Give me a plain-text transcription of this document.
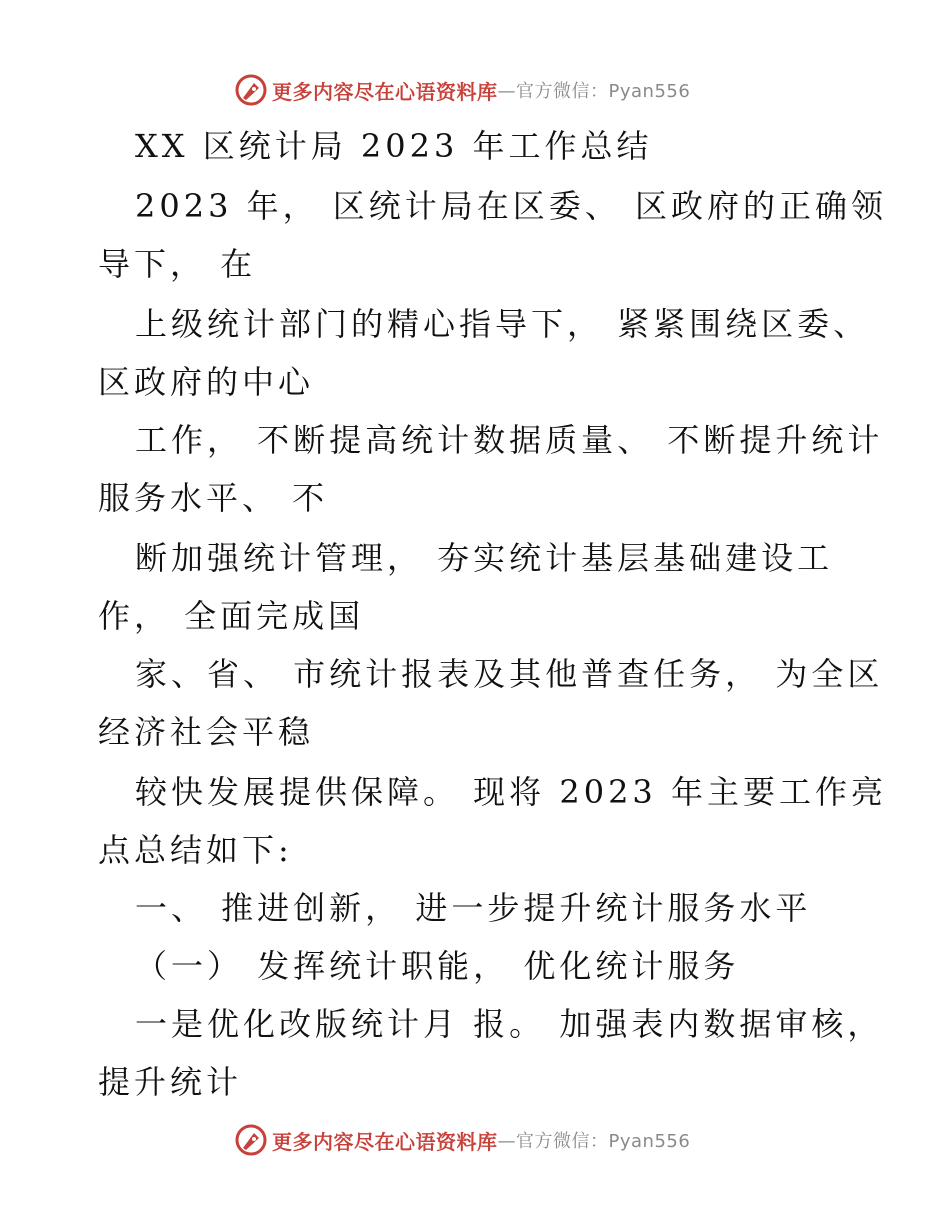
更多内容尽在心语资料库 —官方微信：Pyan556
XX 区统计局 2023 年工作总结
2023 年， 区统计局在区委、 区政府的正确领
导下， 在
上级统计部门的精心指导下， 紧紧围绕区委、
区政府的中心
工作， 不断提高统计数据质量、 不断提升统计
服务水平、 不
断加强统计管理， 夯实统计基层基础建设工
作， 全面完成国
家、省、 市统计报表及其他普查任务， 为全区
经济社会平稳
较快发展提供保障。 现将 2023 年主要工作亮
点总结如下:
一、 推进创新， 进一步提升统计服务水平
（一） 发挥统计职能， 优化统计服务
一是优化改版统计月 报。 加强表内数据审核，
提升统计
更多内容尽在心语资料库 —官方微信：Pyan556
